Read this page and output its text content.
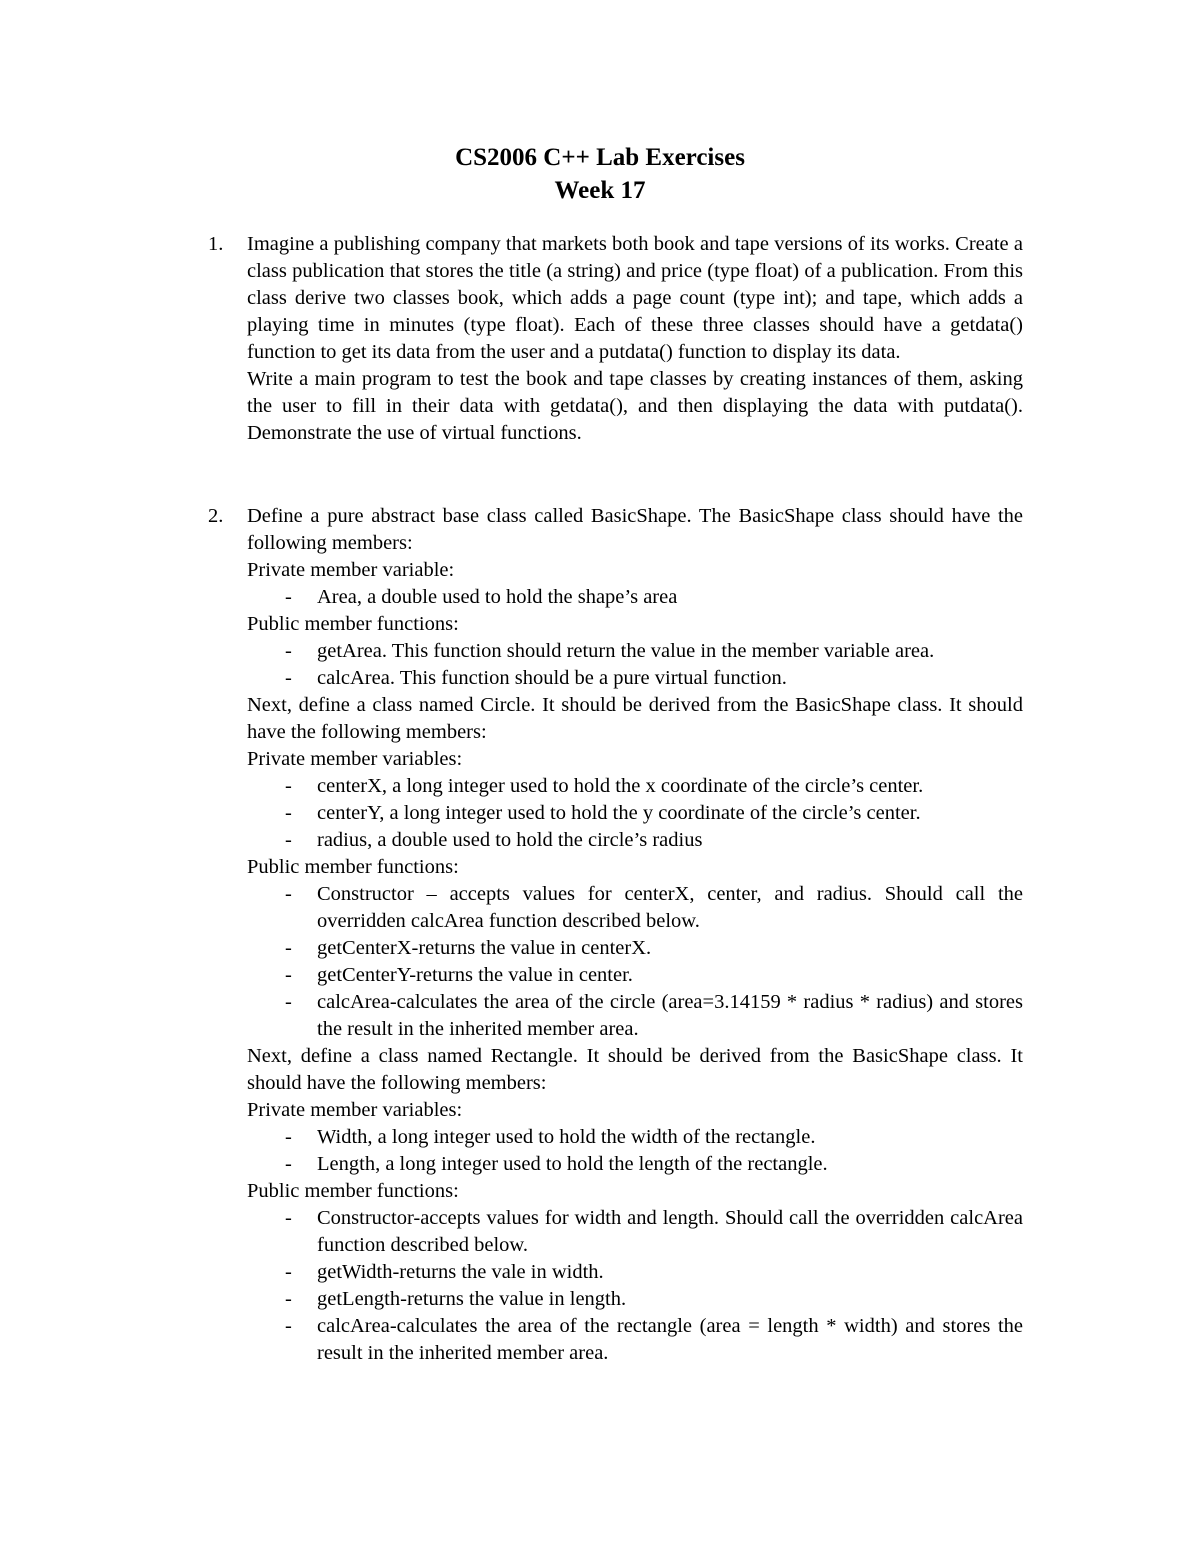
CS2006 C++ Lab Exercises
Week 17
1. Imagine a publishing company that markets both book and tape versions of its works. Create a class publication that stores the title (a string) and price (type float) of a publication. From this class derive two classes book, which adds a page count (type int); and tape, which adds a playing time in minutes (type float). Each of these three classes should have a getdata() function to get its data from the user and a putdata() function to display its data.

Write a main program to test the book and tape classes by creating instances of them, asking the user to fill in their data with getdata(), and then displaying the data with putdata(). Demonstrate the use of virtual functions.

2. Define a pure abstract base class called BasicShape. The BasicShape class should have the following members:

Private member variable:

- Area, a double used to hold the shape’s area

Public member functions:

- getArea. This function should return the value in the member variable area.

- calcArea. This function should be a pure virtual function.

Next, define a class named Circle. It should be derived from the BasicShape class. It should have the following members:

Private member variables:

- centerX, a long integer used to hold the x coordinate of the circle’s center.

- centerY, a long integer used to hold the y coordinate of the circle’s center.

- radius, a double used to hold the circle’s radius

Public member functions:

- Constructor – accepts values for centerX, center, and radius. Should call the overridden calcArea function described below.

- getCenterX-returns the value in centerX.

- getCenterY-returns the value in center.

- calcArea-calculates the area of the circle (area=3.14159 * radius * radius) and stores the result in the inherited member area.

Next, define a class named Rectangle. It should be derived from the BasicShape class. It should have the following members:

Private member variables:

- Width, a long integer used to hold the width of the rectangle.

- Length, a long integer used to hold the length of the rectangle.

Public member functions:

- Constructor-accepts values for width and length. Should call the overridden calcArea function described below.

- getWidth-returns the vale in width.

- getLength-returns the value in length.

- calcArea-calculates the area of the rectangle (area = length * width) and stores the result in the inherited member area.
